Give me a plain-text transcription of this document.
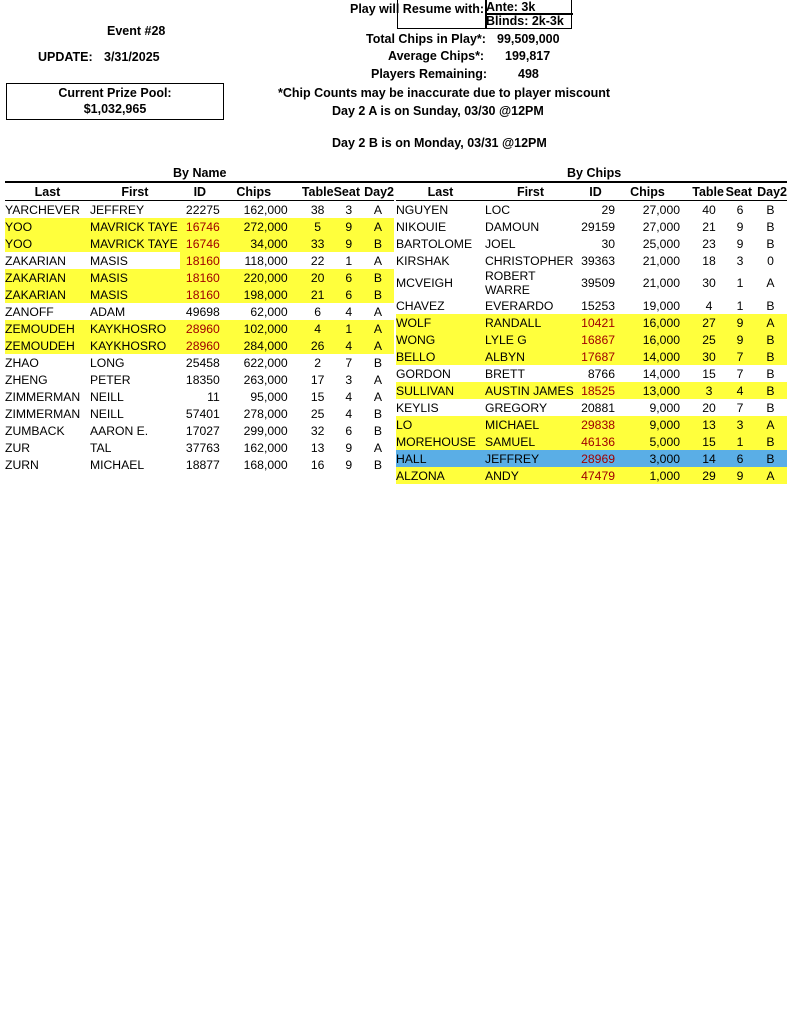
Event #28
UPDATE: 3/31/2025
Current Prize Pool:
$1,032,965
Play will Resume with: Ante: 3k
Blinds: 2k-3k
Total Chips in Play*: 99,509,000
Average Chips*: 199,817
Players Remaining: 498
*Chip Counts may be inaccurate due to player miscount
Day 2 A is on Sunday, 03/30 @12PM
Day 2 B is on Monday, 03/31 @12PM
By Name	By Chips
Last	First	ID	Chips	Table	Seat	Day2
YARCHEVER	JEFFREY	22275	162,000	38	3	A
YOO	MAVRICK TAYE	16746	272,000	5	9	A
YOO	MAVRICK TAYE	16746	34,000	33	9	B
ZAKARIAN	MASIS	18160	118,000	22	1	A
ZAKARIAN	MASIS	18160	220,000	20	6	B
ZAKARIAN	MASIS	18160	198,000	21	6	B
ZANOFF	ADAM	49698	62,000	6	4	A
ZEMOUDEH	KAYKHOSRO	28960	102,000	4	1	A
ZEMOUDEH	KAYKHOSRO	28960	284,000	26	4	A
ZHAO	LONG	25458	622,000	2	7	B
ZHENG	PETER	18350	263,000	17	3	A
ZIMMERMAN	NEILL	11	95,000	15	4	A
ZIMMERMAN	NEILL	57401	278,000	25	4	B
ZUMBACK	AARON E.	17027	299,000	32	6	B
ZUR	TAL	37763	162,000	13	9	A
ZURN	MICHAEL	18877	168,000	16	9	B
Last	First	ID	Chips	Table	Seat	Day2
NGUYEN	LOC	29	27,000	40	6	B
NIKOUIE	DAMOUN	29159	27,000	21	9	B
BARTOLOME	JOEL	30	25,000	23	9	B
KIRSHAK	CHRISTOPHER	39363	21,000	18	3	0
MCVEIGH	ROBERT WARRE	39509	21,000	30	1	A
CHAVEZ	EVERARDO	15253	19,000	4	1	B
WOLF	RANDALL	10421	16,000	27	9	A
WONG	LYLE G	16867	16,000	25	9	B
BELLO	ALBYN	17687	14,000	30	7	B
GORDON	BRETT	8766	14,000	15	7	B
SULLIVAN	AUSTIN JAMES	18525	13,000	3	4	B
KEYLIS	GREGORY	20881	9,000	20	7	B
LO	MICHAEL	29838	9,000	13	3	A
MOREHOUSE	SAMUEL	46136	5,000	15	1	B
HALL	JEFFREY	28969	3,000	14	6	B
ALZONA	ANDY	47479	1,000	29	9	A
